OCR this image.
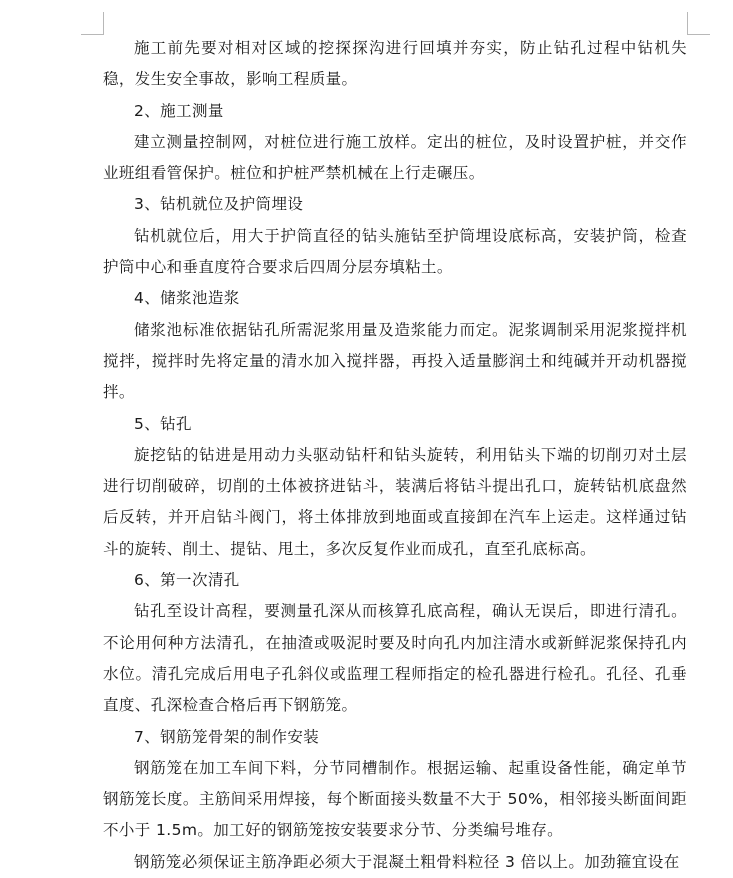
施工前先要对相对区域的挖探探沟进行回填并夯实，防止钻孔过程中钻机失稳，发生安全事故，影响工程质量。

2、施工测量

建立测量控制网，对桩位进行施工放样。定出的桩位，及时设置护桩，并交作业班组看管保护。桩位和护桩严禁机械在上行走碾压。

3、钻机就位及护筒埋设

钻机就位后，用大于护筒直径的钻头施钻至护筒埋设底标高，安装护筒，检查护筒中心和垂直度符合要求后四周分层夯填粘土。

4、储浆池造浆

储浆池标准依据钻孔所需泥浆用量及造浆能力而定。泥浆调制采用泥浆搅拌机搅拌，搅拌时先将定量的清水加入搅拌器，再投入适量膨润土和纯碱并开动机器搅拌。

5、钻孔

旋挖钻的钻进是用动力头驱动钻杆和钻头旋转，利用钻头下端的切削刃对土层进行切削破碎，切削的土体被挤进钻斗，装满后将钻斗提出孔口，旋转钻机底盘然后反转，并开启钻斗阀门，将土体排放到地面或直接卸在汽车上运走。这样通过钻斗的旋转、削土、提钻、甩土，多次反复作业而成孔，直至孔底标高。

6、第一次清孔

钻孔至设计高程，要测量孔深从而核算孔底高程，确认无误后，即进行清孔。不论用何种方法清孔，在抽渣或吸泥时要及时向孔内加注清水或新鲜泥浆保持孔内水位。清孔完成后用电子孔斜仪或监理工程师指定的检孔器进行检孔。孔径、孔垂直度、孔深检查合格后再下钢筋笼。

7、钢筋笼骨架的制作安装

钢筋笼在加工车间下料，分节同槽制作。根据运输、起重设备性能，确定单节钢筋笼长度。主筋间采用焊接，每个断面接头数量不大于 50%，相邻接头断面间距不小于 1.5m。加工好的钢筋笼按安装要求分节、分类编号堆存。

钢筋笼必须保证主筋净距必须大于混凝土粗骨料粒径 3 倍以上。加劲箍宜设在
